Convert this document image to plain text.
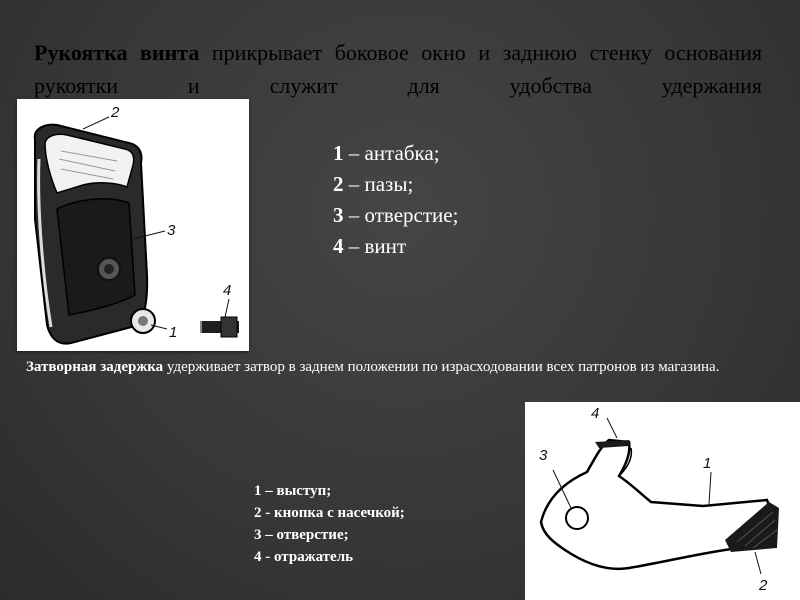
Рукоятка винта прикрывает боковое окно и заднюю стенку основания рукоятки и служит для удобства удержания

2
3
1
4
1 – антабка;
2 – пазы;
3 – отверстие;
4 – винт

Затворная задержка удерживает затвор в заднем положении по израсходовании всех патронов из магазина.

1 – выступ;
2 - кнопка с насечкой;
3 – отверстие;
4 - отражатель
4
3	1
2
